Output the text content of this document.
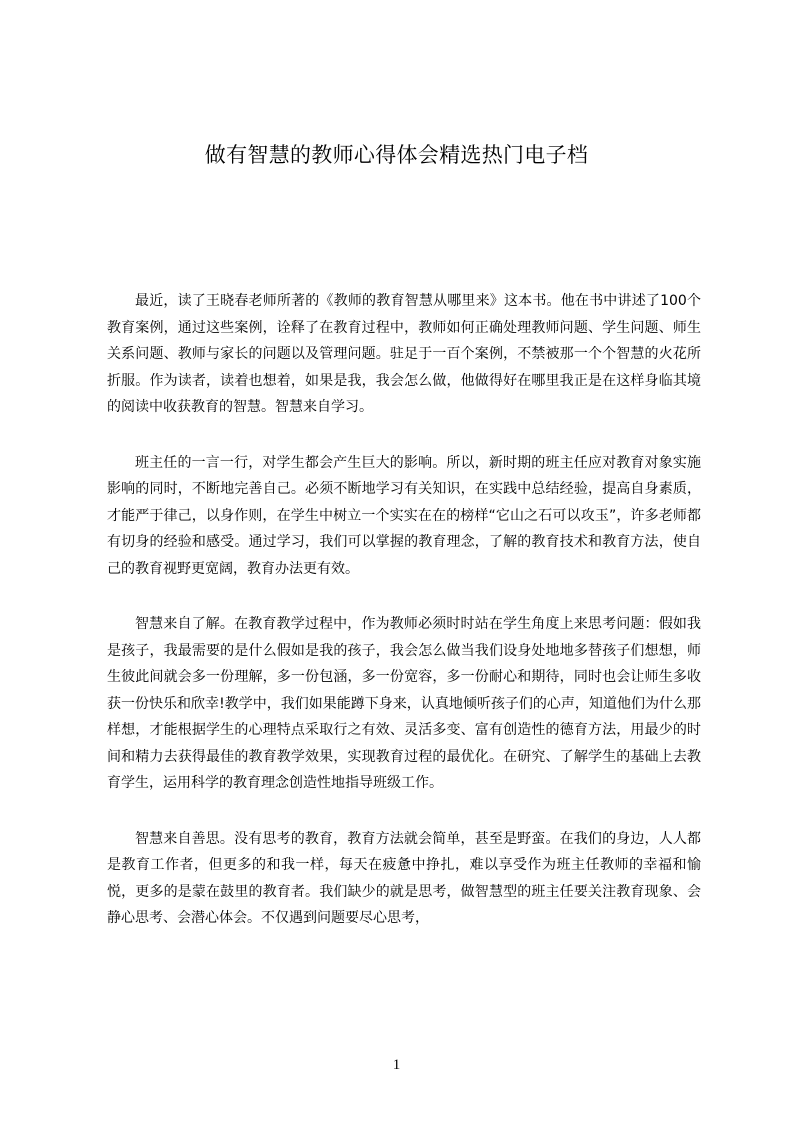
做有智慧的教师心得体会精选热门电子档

最近，读了王晓春老师所著的《教师的教育智慧从哪里来》这本书。他在书中讲述了100个教育案例，通过这些案例，诠释了在教育过程中，教师如何正确处理教师问题、学生问题、师生关系问题、教师与家长的问题以及管理问题。驻足于一百个案例，不禁被那一个个智慧的火花所折服。作为读者，读着也想着，如果是我，我会怎么做，他做得好在哪里我正是在这样身临其境的阅读中收获教育的智慧。智慧来自学习。

班主任的一言一行，对学生都会产生巨大的影响。所以，新时期的班主任应对教育对象实施影响的同时，不断地完善自己。必须不断地学习有关知识，在实践中总结经验，提高自身素质，才能严于律己，以身作则，在学生中树立一个实实在在的榜样“它山之石可以攻玉”，许多老师都有切身的经验和感受。通过学习，我们可以掌握的教育理念，了解的教育技术和教育方法，使自己的教育视野更宽阔，教育办法更有效。

智慧来自了解。在教育教学过程中，作为教师必须时时站在学生角度上来思考问题：假如我是孩子，我最需要的是什么假如是我的孩子，我会怎么做当我们设身处地地多替孩子们想想，师生彼此间就会多一份理解，多一份包涵，多一份宽容，多一份耐心和期待，同时也会让师生多收获一份快乐和欣幸!教学中，我们如果能蹲下身来，认真地倾听孩子们的心声，知道他们为什么那样想，才能根据学生的心理特点采取行之有效、灵活多变、富有创造性的德育方法，用最少的时间和精力去获得最佳的教育教学效果，实现教育过程的最优化。在研究、了解学生的基础上去教育学生，运用科学的教育理念创造性地指导班级工作。

智慧来自善思。没有思考的教育，教育方法就会简单，甚至是野蛮。在我们的身边，人人都是教育工作者，但更多的和我一样，每天在疲惫中挣扎，难以享受作为班主任教师的幸福和愉悦，更多的是蒙在鼓里的教育者。我们缺少的就是思考，做智慧型的班主任要关注教育现象、会静心思考、会潜心体会。不仅遇到问题要尽心思考，

1
